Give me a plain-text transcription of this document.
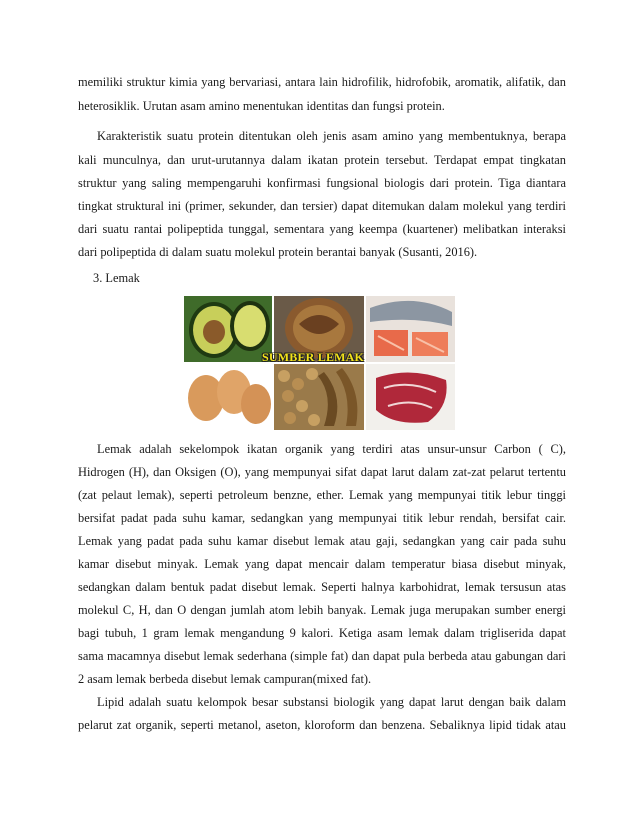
memiliki struktur kimia yang bervariasi, antara lain hidrofilik, hidrofobik, aromatik, alifatik, dan
heterosiklik. Urutan asam amino menentukan identitas dan fungsi protein.
Karakteristik suatu protein ditentukan oleh jenis asam amino yang membentuknya, berapa
kali munculnya, dan urut-urutannya dalam ikatan protein tersebut. Terdapat empat tingkatan
struktur yang saling mempengaruhi konfirmasi fungsional biologis dari protein. Tiga diantara
tingkat struktural ini (primer, sekunder, dan tersier) dapat ditemukan dalam molekul yang terdiri
dari suatu rantai polipeptida tunggal, sementara yang keempa (kuartener) melibatkan interaksi
dari polipeptida di dalam suatu molekul protein berantai banyak (Susanti, 2016).
3. Lemak
SUMBER LEMAK
Lemak adalah sekelompok ikatan organik yang terdiri atas unsur-unsur Carbon ( C),
Hidrogen (H), dan Oksigen (O), yang mempunyai sifat dapat larut dalam zat-zat pelarut tertentu
(zat pelaut lemak), seperti petroleum benzne, ether. Lemak yang mempunyai titik lebur tinggi
bersifat padat pada suhu kamar, sedangkan yang mempunyai titik lebur rendah, bersifat cair.
Lemak yang padat pada suhu kamar disebut lemak atau gaji, sedangkan yang cair pada suhu
kamar disebut minyak. Lemak yang dapat mencair dalam temperatur biasa disebut minyak,
sedangkan dalam bentuk padat disebut lemak. Seperti halnya karbohidrat, lemak tersusun atas
molekul C, H, dan O dengan jumlah atom lebih banyak. Lemak juga merupakan sumber energi
bagi tubuh, 1 gram lemak mengandung 9 kalori. Ketiga asam lemak dalam trigliserida dapat
sama macamnya disebut lemak sederhana (simple fat) dan dapat pula berbeda atau gabungan dari
2 asam lemak berbeda disebut lemak campuran(mixed fat).
Lipid adalah suatu kelompok besar substansi biologik yang dapat larut dengan baik dalam
pelarut zat organik, seperti metanol, aseton, kloroform dan benzena. Sebaliknya lipid tidak atau
